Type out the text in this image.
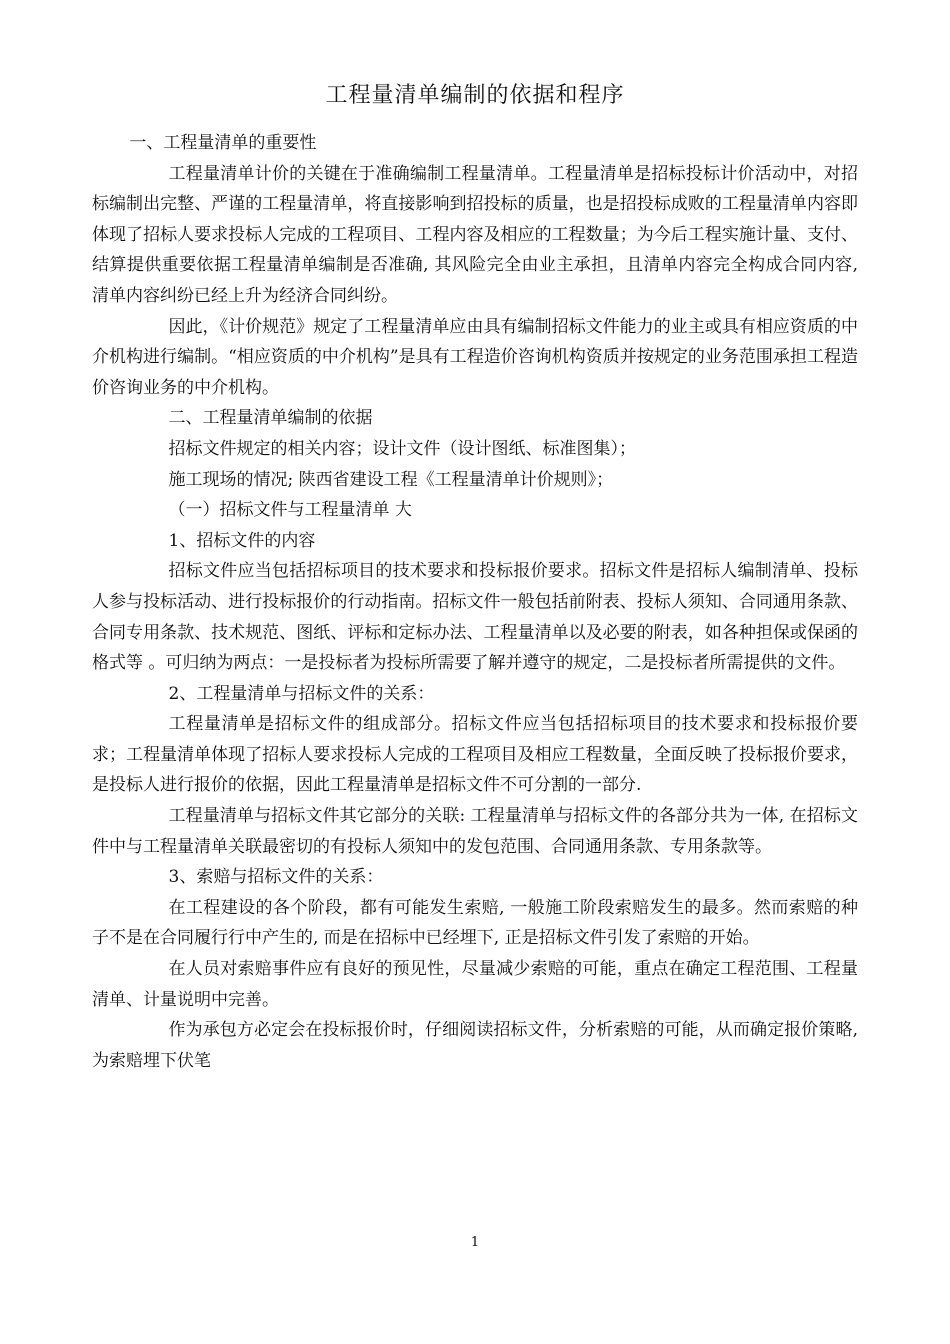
工程量清单编制的依据和程序

一、工程量清单的重要性

工程量清单计价的关键在于准确编制工程量清单。工程量清单是招标投标计价活动中，对招标编制出完整、严谨的工程量清单，将直接影响到招投标的质量，也是招投标成败的工程量清单内容即体现了招标人要求投标人完成的工程项目、工程内容及相应的工程数量；为今后工程实施计量、支付、结算提供重要依据工程量清单编制是否准确, 其风险完全由业主承担，且清单内容完全构成合同内容, 清单内容纠纷已经上升为经济合同纠纷。

因此，《计价规范》规定了工程量清单应由具有编制招标文件能力的业主或具有相应资质的中介机构进行编制。“相应资质的中介机构”是具有工程造价咨询机构资质并按规定的业务范围承担工程造价咨询业务的中介机构。

二、工程量清单编制的依据

招标文件规定的相关内容；设计文件（设计图纸、标准图集）；

施工现场的情况; 陕西省建设工程《工程量清单计价规则》；

（一）招标文件与工程量清单 大

1、招标文件的内容

招标文件应当包括招标项目的技术要求和投标报价要求。招标文件是招标人编制清单、投标人参与投标活动、进行投标报价的行动指南。招标文件一般包括前附表、投标人须知、合同通用条款、合同专用条款、技术规范、图纸、评标和定标办法、工程量清单以及必要的附表，如各种担保或保函的格式等 。可归纳为两点：一是投标者为投标所需要了解并遵守的规定，二是投标者所需提供的文件。

2、工程量清单与招标文件的关系：

工程量清单是招标文件的组成部分。招标文件应当包括招标项目的技术要求和投标报价要求；工程量清单体现了招标人要求投标人完成的工程项目及相应工程数量，全面反映了投标报价要求，是投标人进行报价的依据，因此工程量清单是招标文件不可分割的一部分.

工程量清单与招标文件其它部分的关联: 工程量清单与招标文件的各部分共为一体, 在招标文件中与工程量清单关联最密切的有投标人须知中的发包范围、合同通用条款、专用条款等。

3、索赔与招标文件的关系：

在工程建设的各个阶段，都有可能发生索赔, 一般施工阶段索赔发生的最多。然而索赔的种子不是在合同履行行中产生的, 而是在招标中已经埋下, 正是招标文件引发了索赔的开始。

在人员对索赔事件应有良好的预见性，尽量减少索赔的可能，重点在确定工程范围、工程量清单、计量说明中完善。

作为承包方必定会在投标报价时，仔细阅读招标文件，分析索赔的可能，从而确定报价策略, 为索赔埋下伏笔

1
